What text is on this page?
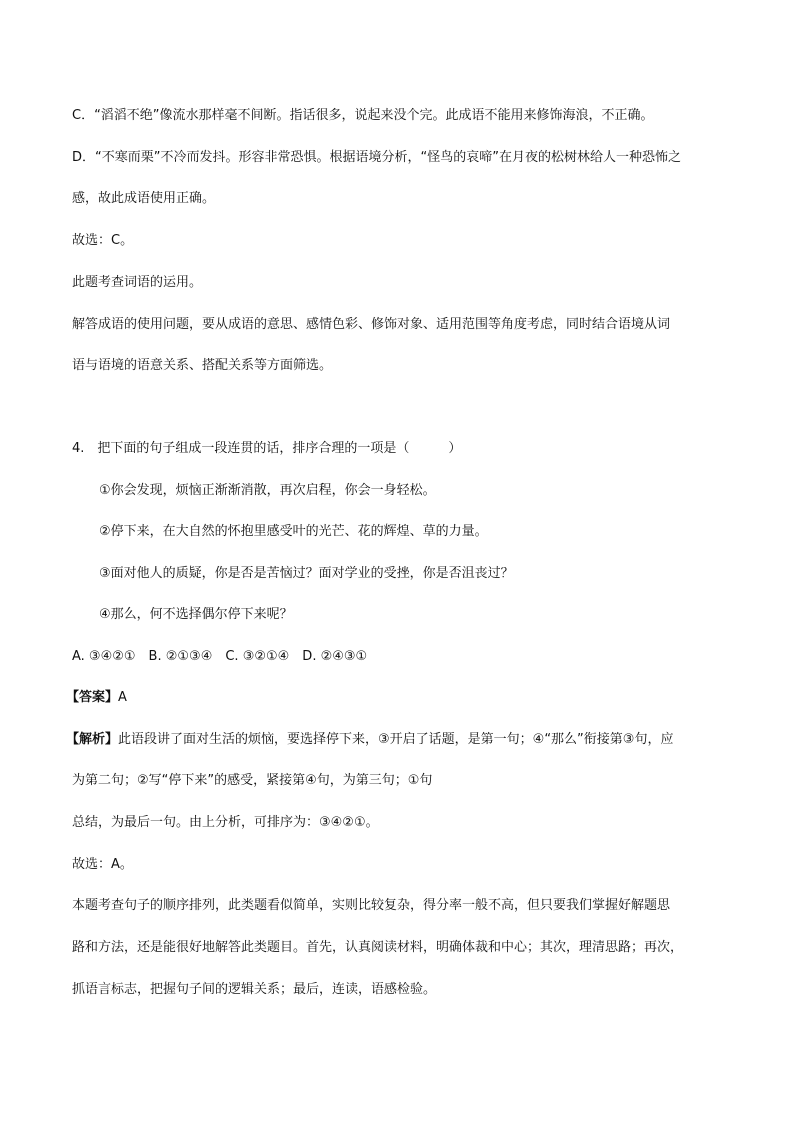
C．“滔滔不绝”像流水那样毫不间断。指话很多，说起来没个完。此成语不能用来修饰海浪，不正确。

D．“不寒而栗”不冷而发抖。形容非常恐惧。根据语境分析，“怪鸟的哀啼”在月夜的松树林给人一种恐怖之

感，故此成语使用正确。

故选：C。

此题考查词语的运用。

解答成语的使用问题，要从成语的意思、感情色彩、修饰对象、适用范围等角度考虑，同时结合语境从词

语与语境的语意关系、搭配关系等方面筛选。

4.　把下面的句子组成一段连贯的话，排序合理的一项是（　　　）

①你会发现，烦恼正渐渐消散，再次启程，你会一身轻松。

②停下来，在大自然的怀抱里感受叶的光芒、花的辉煌、草的力量。

③面对他人的质疑，你是否是苦恼过？面对学业的受挫，你是否沮丧过？

④那么，何不选择偶尔停下来呢？

A. ③④②①　B. ②①③④　C. ③②①④　D. ②④③①

【答案】A

【解析】此语段讲了面对生活的烦恼，要选择停下来，③开启了话题，是第一句；④“那么”衔接第③句，应

为第二句；②写“停下来”的感受，紧接第④句，为第三句；①句

总结，为最后一句。由上分析，可排序为：③④②①。

故选：A。

本题考查句子的顺序排列，此类题看似简单，实则比较复杂，得分率一般不高，但只要我们掌握好解题思

路和方法，还是能很好地解答此类题目。首先，认真阅读材料，明确体裁和中心；其次，理清思路；再次，

抓语言标志，把握句子间的逻辑关系；最后，连读，语感检验。
